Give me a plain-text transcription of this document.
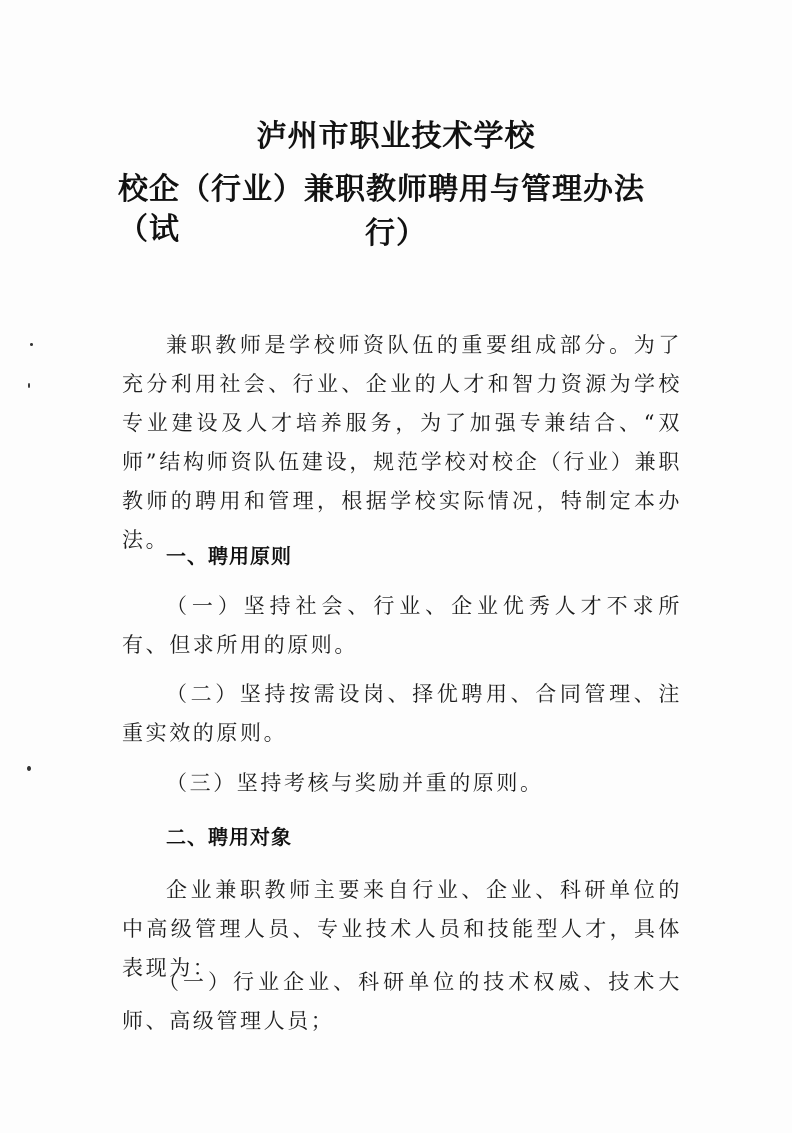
泸州市职业技术学校
校企（行业）兼职教师聘用与管理办法（试	行）
兼职教师是学校师资队伍的重要组成部分。为了充分利用社会、行业、企业的人才和智力资源为学校专业建设及人才培养服务，为了加强专兼结合、“双师”结构师资队伍建设，规范学校对校企（行业）兼职教师的聘用和管理，根据学校实际情况，特制定本办法。
一、聘用原则
（一）坚持社会、行业、企业优秀人才不求所有、但求所用的原则。
（二）坚持按需设岗、择优聘用、合同管理、注重实效的原则。
（三）坚持考核与奖励并重的原则。
二、聘用对象
企业兼职教师主要来自行业、企业、科研单位的中高级管理人员、专业技术人员和技能型人才，具体表现为：
（一）行业企业、科研单位的技术权威、技术大师、高级管理人员；
